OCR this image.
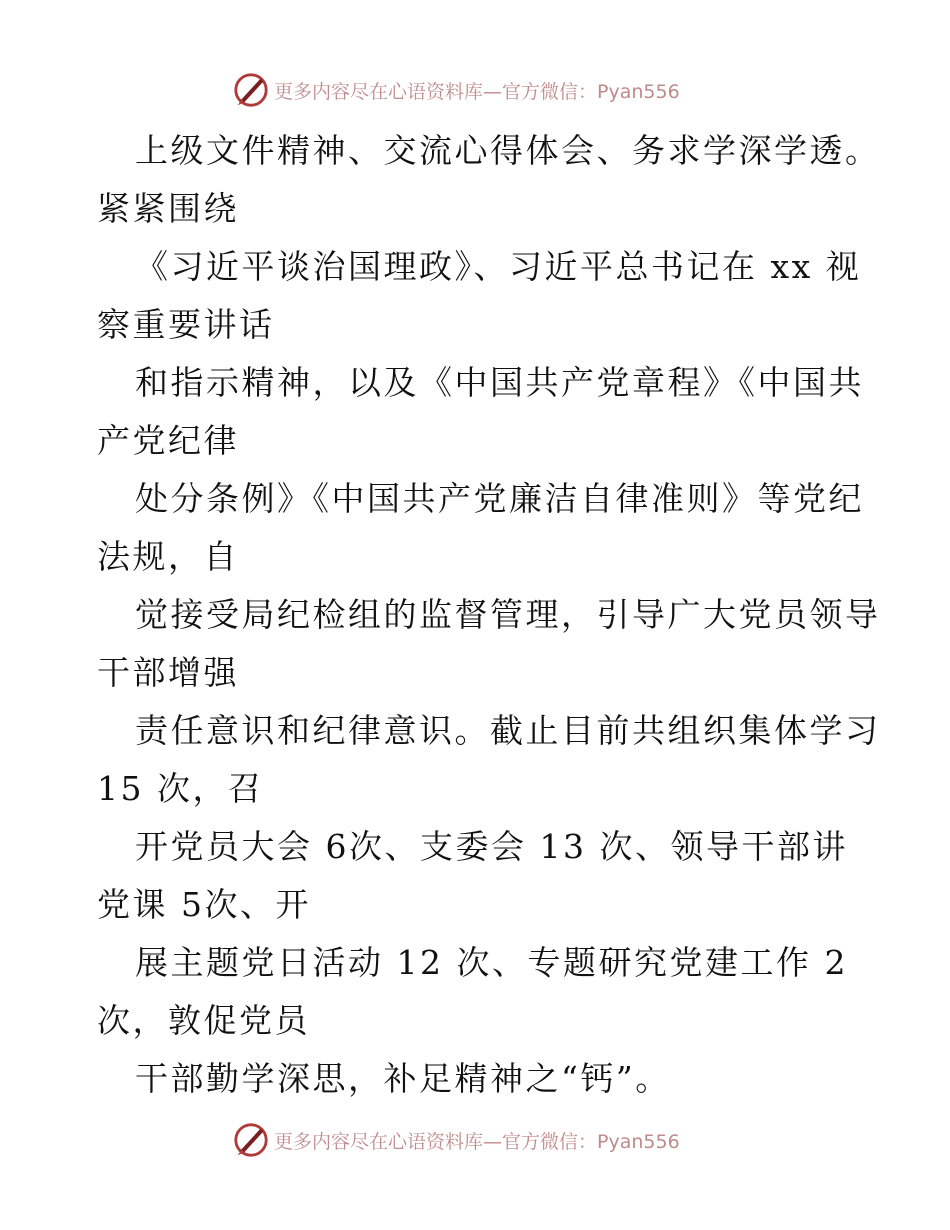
更多内容尽在心语资料库—官方微信：Pyan556

上级文件精神、交流心得体会、务求学深学透。
紧紧围绕

《习近平谈治国理政》、习近平总书记在 xx 视
察重要讲话

和指示精神，以及《中国共产党章程》《中国共
产党纪律

处分条例》《中国共产党廉洁自律准则》等党纪
法规，自

觉接受局纪检组的监督管理，引导广大党员领导
干部增强

责任意识和纪律意识。截止目前共组织集体学习
15 次，召

开党员大会 6次、支委会 13 次、领导干部讲
党课 5次、开

展主题党日活动 12 次、专题研究党建工作 2
次，敦促党员

干部勤学深思，补足精神之“钙”。

更多内容尽在心语资料库—官方微信：Pyan556
